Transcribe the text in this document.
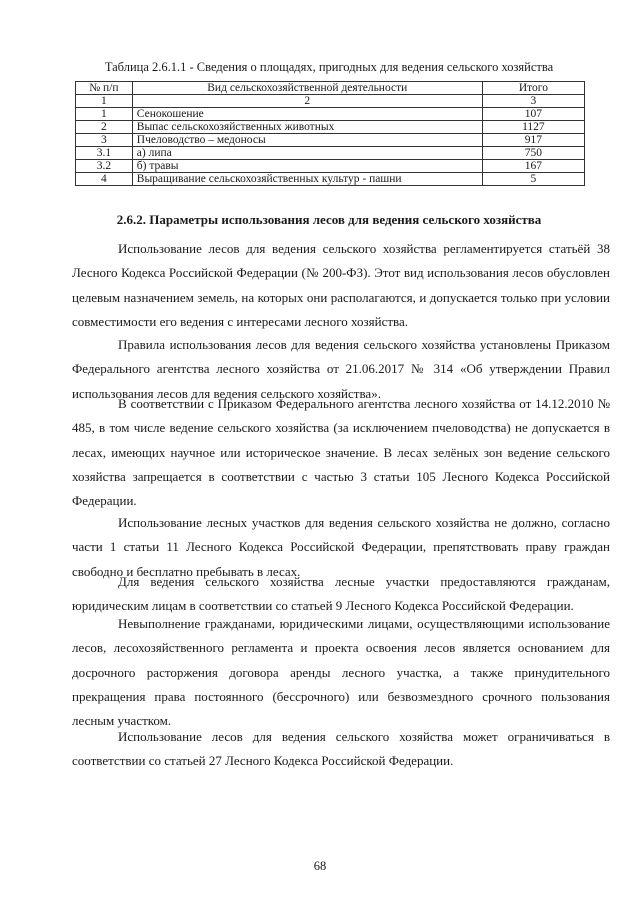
Таблица 2.6.1.1 - Сведения о площадях, пригодных для ведения сельского хозяйства
№ п/п	Вид сельскохозяйственной деятельности	Итого
1	2	3
1	Сенокошение	107
2	Выпас сельскохозяйственных животных	1127
3	Пчеловодство – медоносы	917
3.1	а) липа	750
3.2	б) травы	167
4	Выращивание сельскохозяйственных культур - пашни	5
2.6.2. Параметры использования лесов для ведения сельского хозяйства

Использование лесов для ведения сельского хозяйства регламентируется статьёй 38 Лесного Кодекса Российской Федерации (№ 200-ФЗ). Этот вид использования лесов обусловлен целевым назначением земель, на которых они располагаются, и допускается только при условии совместимости его ведения с интересами лесного хозяйства.

Правила использования лесов для ведения сельского хозяйства установлены Приказом Федерального агентства лесного хозяйства от 21.06.2017 № 314 «Об утверждении Правил использования лесов для ведения сельского хозяйства».

В соответствии с Приказом Федерального агентства лесного хозяйства от 14.12.2010 № 485, в том числе ведение сельского хозяйства (за исключением пчеловодства) не допускается в лесах, имеющих научное или историческое значение. В лесах зелёных зон ведение сельского хозяйства запрещается в соответствии с частью 3 статьи 105 Лесного Кодекса Российской Федерации.

Использование лесных участков для ведения сельского хозяйства не должно, согласно части 1 статьи 11 Лесного Кодекса Российской Федерации, препятствовать праву граждан свободно и бесплатно пребывать в лесах.

Для ведения сельского хозяйства лесные участки предоставляются гражданам, юридическим лицам в соответствии со статьей 9 Лесного Кодекса Российской Федерации.

Невыполнение гражданами, юридическими лицами, осуществляющими использование лесов, лесохозяйственного регламента и проекта освоения лесов является основанием для досрочного расторжения договора аренды лесного участка, а также принудительного прекращения права постоянного (бессрочного) или безвозмездного срочного пользования лесным участком.

Использование лесов для ведения сельского хозяйства может ограничиваться в соответствии со статьей 27 Лесного Кодекса Российской Федерации.

68
